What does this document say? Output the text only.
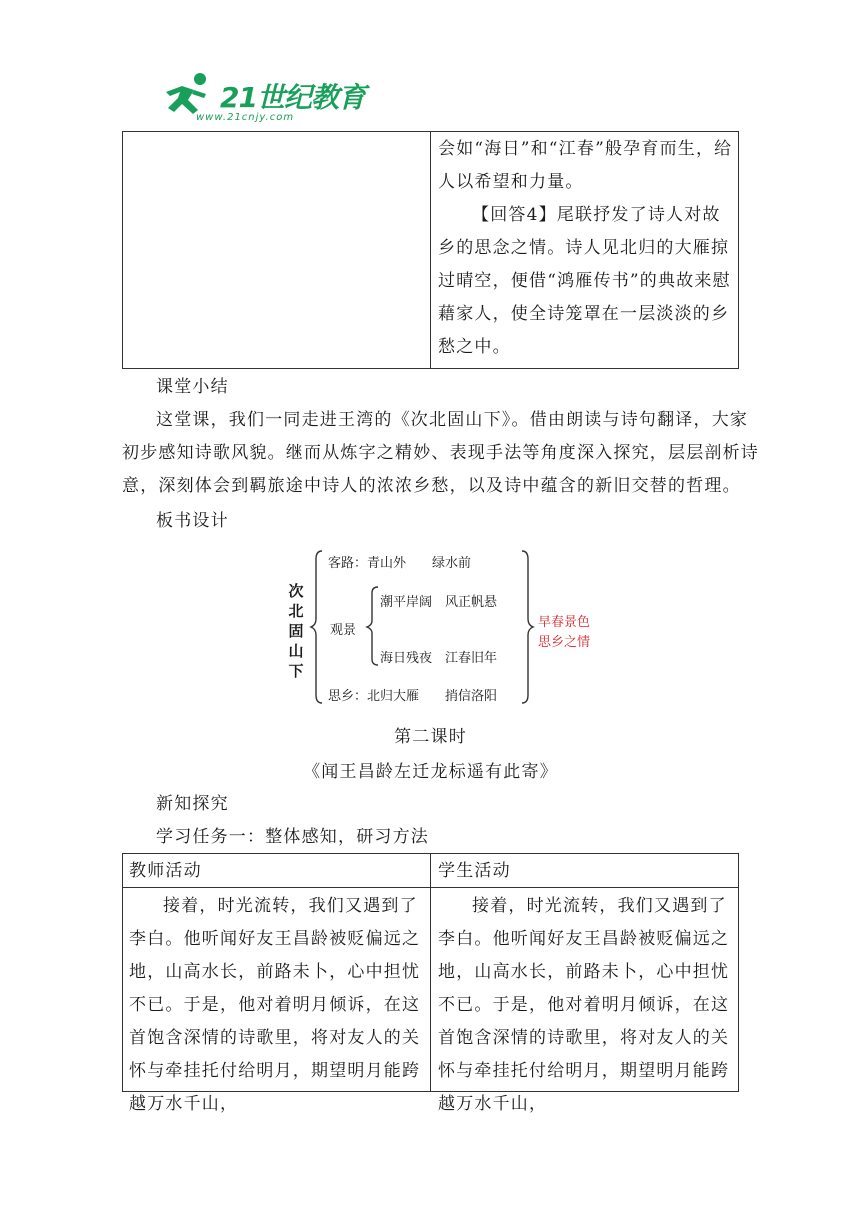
21世纪教育
www.21cnjy.com
会如“海日”和“江春”般孕育而生，给人以希望和力量。
【回答4】尾联抒发了诗人对故乡的思念之情。诗人见北归的大雁掠过晴空，便借“鸿雁传书”的典故来慰藉家人，使全诗笼罩在一层淡淡的乡愁之中。
课堂小结
这堂课，我们一同走进王湾的《次北固山下》。借由朗读与诗句翻译，大家
初步感知诗歌风貌。继而从炼字之精妙、表现手法等角度深入探究，层层剖析诗
意，深刻体会到羁旅途中诗人的浓浓乡愁，以及诗中蕴含的新旧交替的哲理。
板书设计
次
北
固
山
下
客路：青山外　　绿水前
观景
潮平岸阔　风正帆悬
海日残夜　江春旧年
思乡：北归大雁　　捎信洛阳
早春景色
思乡之情
第二课时
《闻王昌龄左迁龙标遥有此寄》
新知探究
学习任务一：整体感知，研习方法
教师活动	学生活动
接着，时光流转，我们又遇到了李白。他听闻好友王昌龄被贬偏远之地，山高水长，前路未卜，心中担忧不已。于是，他对着明月倾诉，在这首饱含深情的诗歌里，将对友人的关怀与牵挂托付给明月，期望明月能跨越万水千山，
接着，时光流转，我们又遇到了李白。他听闻好友王昌龄被贬偏远之地，山高水长，前路未卜，心中担忧不已。于是，他对着明月倾诉，在这首饱含深情的诗歌里，将对友人的关怀与牵挂托付给明月，期望明月能跨越万水千山，
